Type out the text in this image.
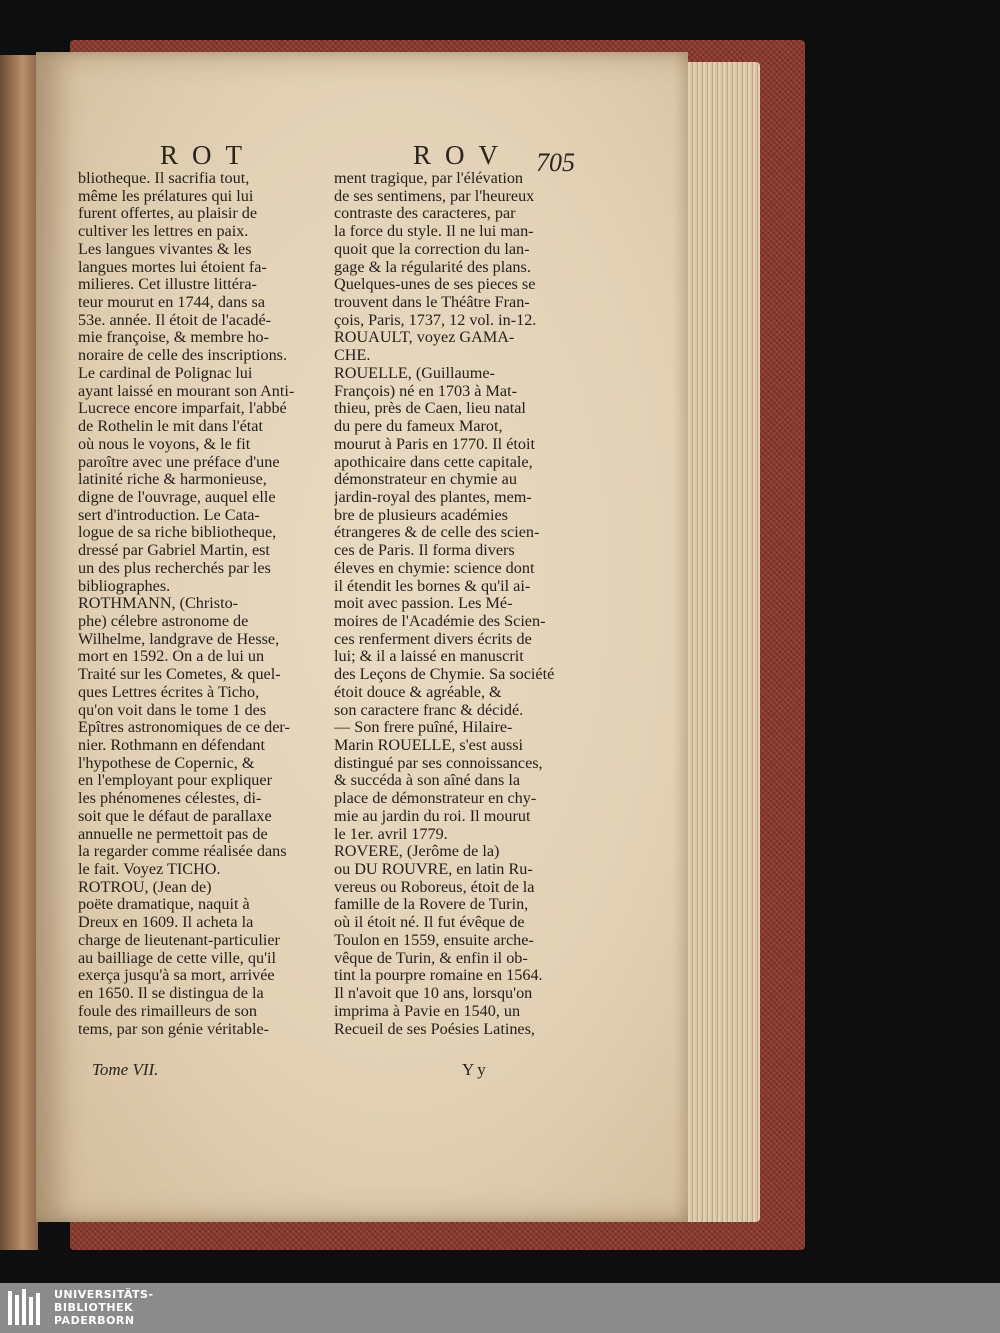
ROT	ROV 705
bliotheque. Il sacrifia tout,
même les prélatures qui lui
furent offertes, au plaisir de
cultiver les lettres en paix.
Les langues vivantes & les
langues mortes lui étoient fa-
milieres. Cet illustre littéra-
teur mourut en 1744, dans sa
53e. année. Il étoit de l'acadé-
mie françoise, & membre ho-
noraire de celle des inscriptions.
Le cardinal de Polignac lui
ayant laissé en mourant son Anti-
Lucrece encore imparfait, l'abbé
de Rothelin le mit dans l'état
où nous le voyons, & le fit
paroître avec une préface d'une
latinité riche & harmonieuse,
digne de l'ouvrage, auquel elle
sert d'introduction. Le Cata-
logue de sa riche bibliotheque,
dressé par Gabriel Martin, est
un des plus recherchés par les
bibliographes.
ROTHMANN, (Christo-
phe) célebre astronome de
Wilhelme, landgrave de Hesse,
mort en 1592. On a de lui un
Traité sur les Cometes, & quel-
ques Lettres écrites à Ticho,
qu'on voit dans le tome 1 des
Epîtres astronomiques de ce der-
nier. Rothmann en défendant
l'hypothese de Copernic, &
en l'employant pour expliquer
les phénomenes célestes, di-
soit que le défaut de parallaxe
annuelle ne permettoit pas de
la regarder comme réalisée dans
le fait. Voyez TICHO.
ROTROU, (Jean de)
poëte dramatique, naquit à
Dreux en 1609. Il acheta la
charge de lieutenant-particulier
au bailliage de cette ville, qu'il
exerça jusqu'à sa mort, arrivée
en 1650. Il se distingua de la
foule des rimailleurs de son
tems, par son génie véritable-
ment tragique, par l'élévation
de ses sentimens, par l'heureux
contraste des caracteres, par
la force du style. Il ne lui man-
quoit que la correction du lan-
gage & la régularité des plans.
Quelques-unes de ses pieces se
trouvent dans le Théâtre Fran-
çois, Paris, 1737, 12 vol. in-12.
ROUAULT, voyez GAMA-
CHE.
ROUELLE, (Guillaume-
François) né en 1703 à Mat-
thieu, près de Caen, lieu natal
du pere du fameux Marot,
mourut à Paris en 1770. Il étoit
apothicaire dans cette capitale,
démonstrateur en chymie au
jardin-royal des plantes, mem-
bre de plusieurs académies
étrangeres & de celle des scien-
ces de Paris. Il forma divers
éleves en chymie: science dont
il étendit les bornes & qu'il ai-
moit avec passion. Les Mé-
moires de l'Académie des Scien-
ces renferment divers écrits de
lui; & il a laissé en manuscrit
des Leçons de Chymie. Sa société
étoit douce & agréable, &
son caractere franc & décidé.
— Son frere puîné, Hilaire-
Marin ROUELLE, s'est aussi
distingué par ses connoissances,
& succéda à son aîné dans la
place de démonstrateur en chy-
mie au jardin du roi. Il mourut
le 1er. avril 1779.
ROVERE, (Jerôme de la)
ou DU ROUVRE, en latin Ru-
vereus ou Roboreus, étoit de la
famille de la Rovere de Turin,
où il étoit né. Il fut évêque de
Toulon en 1559, ensuite arche-
vêque de Turin, & enfin il ob-
tint la pourpre romaine en 1564.
Il n'avoit que 10 ans, lorsqu'on
imprima à Pavie en 1540, un
Recueil de ses Poésies Latines,
Tome VII.	Yy
UNIVERSITÄTS-
BIBLIOTHEK
PADERBORN
